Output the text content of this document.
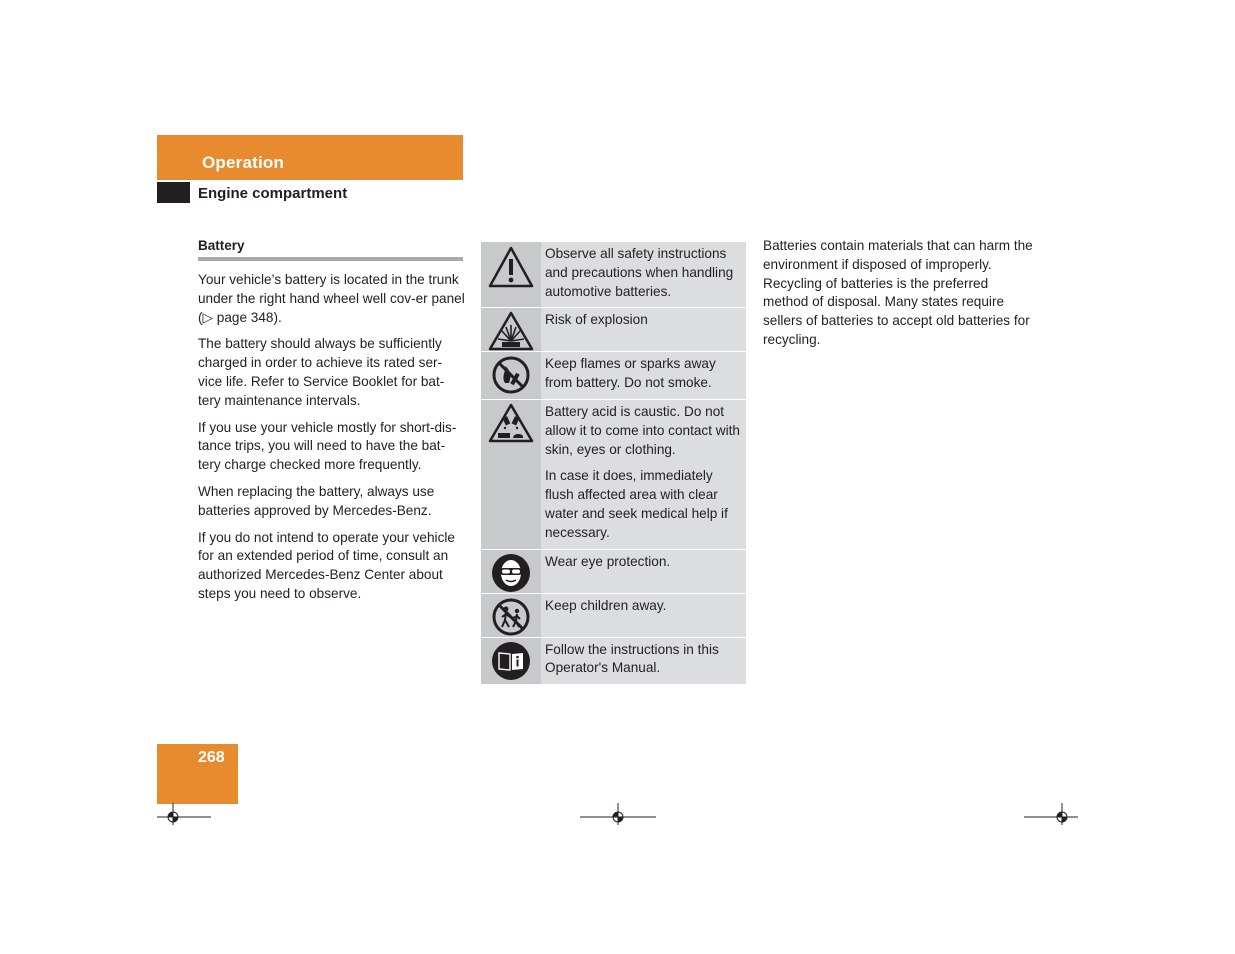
Operation
Engine compartment
Battery

Your vehicle’s battery is located in the trunk under the right hand wheel well cov-er panel (▷ page 348).

The battery should always be sufficiently charged in order to achieve its rated ser-vice life. Refer to Service Booklet for bat-tery maintenance intervals.

If you use your vehicle mostly for short-dis-tance trips, you will need to have the bat-tery charge checked more frequently.

When replacing the battery, always use batteries approved by Mercedes-Benz.

If you do not intend to operate your vehicle for an extended period of time, consult an authorized Mercedes-Benz Center about steps you need to observe.

Observe all safety instructions and precautions when handling automotive batteries.
Risk of explosion
Keep flames or sparks away from battery. Do not smoke.

Battery acid is caustic. Do not allow it to come into contact with skin, eyes or clothing.

In case it does, immediately flush affected area with clear water and seek medical help if necessary.

Wear eye protection.
Keep children away.
Follow the instructions in this Operator's Manual.
Batteries contain materials that can harm the environment if disposed of improperly. Recycling of batteries is the preferred method of disposal. Many states require sellers of batteries to accept old batteries for recycling.
268
